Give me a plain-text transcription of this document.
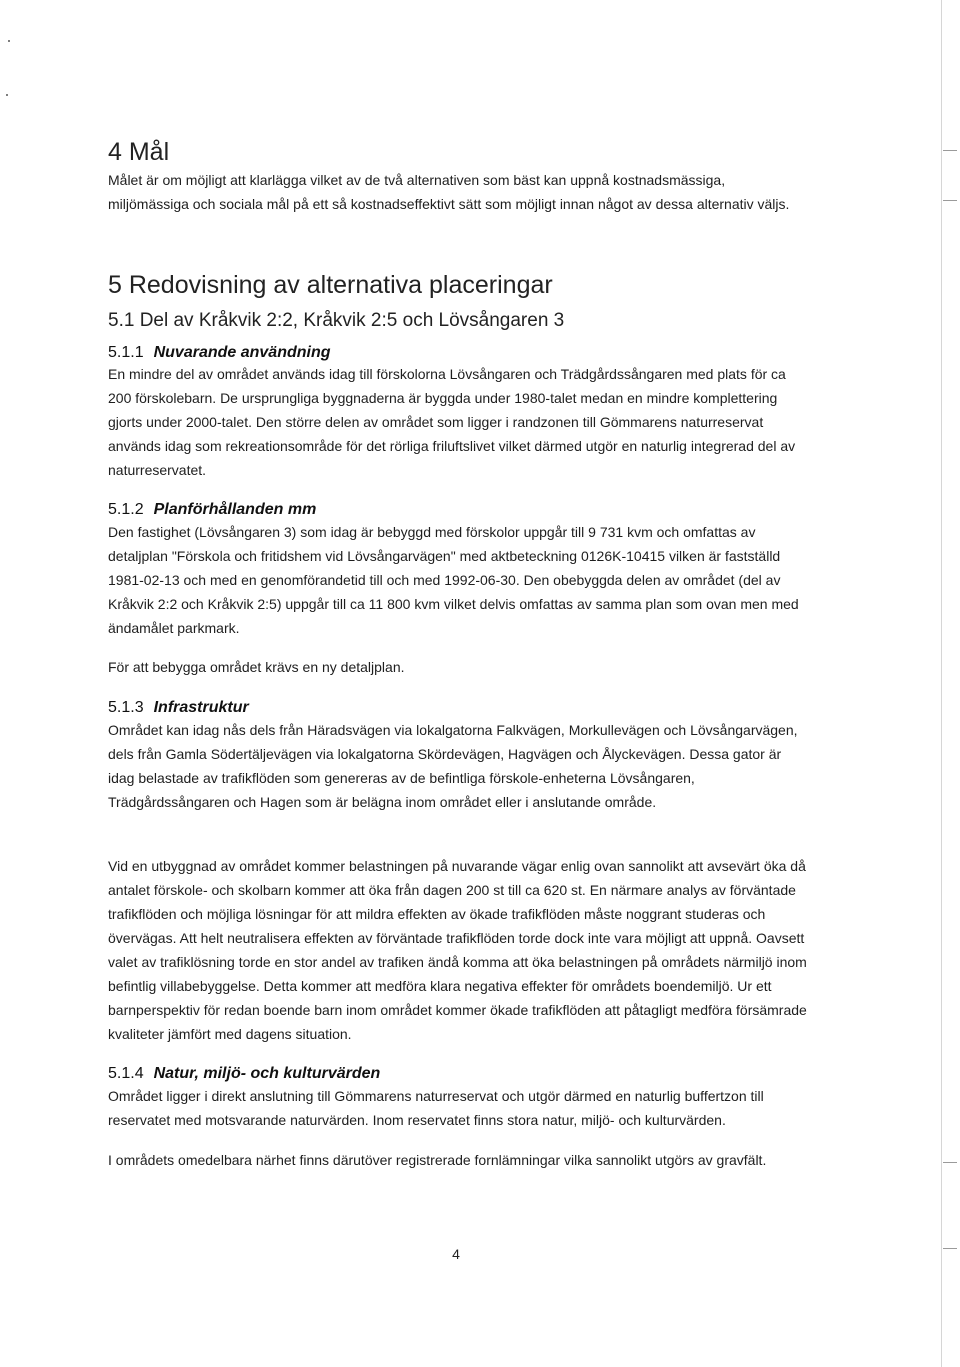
4 Mål
Målet är om möjligt att klarlägga vilket av de två alternativen som bäst kan uppnå kostnadsmässiga, miljömässiga och sociala mål på ett så kostnadseffektivt sätt som möjligt innan något av dessa alternativ väljs.
5 Redovisning av alternativa placeringar
5.1 Del av Kråkvik 2:2, Kråkvik 2:5 och Lövsångaren 3
5.1.1 Nuvarande användning
En mindre del av området används idag till förskolorna Lövsångaren och Trädgårdssångaren med plats för ca 200 förskolebarn. De ursprungliga byggnaderna är byggda under 1980-talet medan en mindre komplettering gjorts under 2000-talet. Den större delen av området som ligger i randzonen till Gömmarens naturreservat används idag som rekreationsområde för det rörliga friluftslivet vilket därmed utgör en naturlig integrerad del av naturreservatet.
5.1.2 Planförhållanden mm
Den fastighet (Lövsångaren 3) som idag är bebyggd med förskolor uppgår till 9 731 kvm och omfattas av detaljplan "Förskola och fritidshem vid Lövsångarvägen" med aktbeteckning 0126K-10415 vilken är fastställd 1981-02-13 och med en genomförandetid till och med 1992-06-30. Den obebyggda delen av området (del av Kråkvik 2:2 och Kråkvik 2:5) uppgår till ca 11 800 kvm vilket delvis omfattas av samma plan som ovan men med ändamålet parkmark.
För att bebygga området krävs en ny detaljplan.
5.1.3 Infrastruktur
Området kan idag nås dels från Häradsvägen via lokalgatorna Falkvägen, Morkullevägen och Lövsångarvägen, dels från Gamla Södertäljevägen via lokalgatorna Skördevägen, Hagvägen och Ålyckevägen. Dessa gator är idag belastade av trafikflöden som genereras av de befintliga förskole-enheterna Lövsångaren, Trädgårdssångaren och Hagen som är belägna inom området eller i anslutande område.
Vid en utbyggnad av området kommer belastningen på nuvarande vägar enlig ovan sannolikt att avsevärt öka då antalet förskole- och skolbarn kommer att öka från dagen 200 st till ca 620 st. En närmare analys av förväntade trafikflöden och möjliga lösningar för att mildra effekten av ökade trafikflöden måste noggrant studeras och övervägas. Att helt neutralisera effekten av förväntade trafikflöden torde dock inte vara möjligt att uppnå. Oavsett valet av trafiklösning torde en stor andel av trafiken ändå komma att öka belastningen på områdets närmiljö inom befintlig villabebyggelse. Detta kommer att medföra klara negativa effekter för områdets boendemiljö. Ur ett barnperspektiv för redan boende barn inom området kommer ökade trafikflöden att påtagligt medföra försämrade kvaliteter jämfört med dagens situation.
5.1.4 Natur, miljö- och kulturvärden
Området ligger i direkt anslutning till Gömmarens naturreservat och utgör därmed en naturlig buffertzon till reservatet med motsvarande naturvärden. Inom reservatet finns stora natur, miljö- och kulturvärden.
I områdets omedelbara närhet finns därutöver registrerade fornlämningar vilka sannolikt utgörs av gravfält.
4
